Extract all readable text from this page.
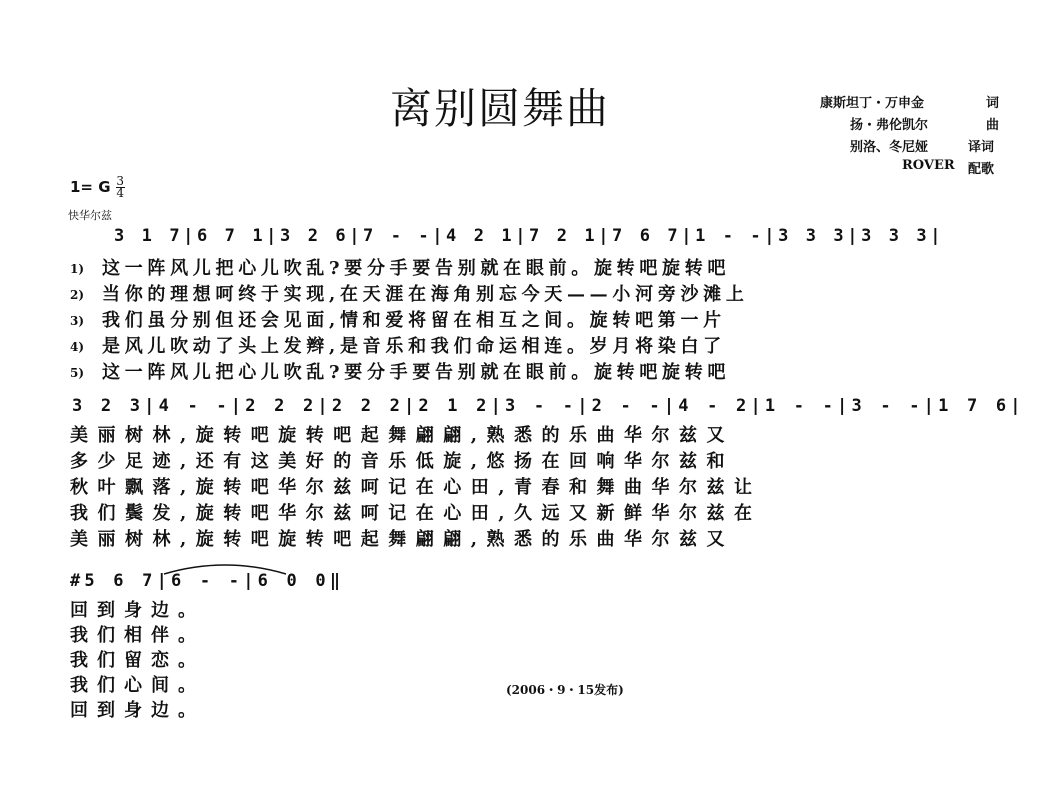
离别圆舞曲	康斯坦丁・万申金	词
扬・弗伦凯尔	曲
别洛、冬尼娅	译词
ROVER 配歌
1= G $\frac{3}{4}$
快华尔兹
3 1 7|6 7 1|3 2 6|7 - -|4 2 1|7 2 1|7 6 7|1 - -|3 3 3|3 3 3|
1)
2)
3)
4)
5)
这一阵风儿把心儿吹乱?要分手要告别就在眼前。旋转吧旋转吧
当你的理想呵终于实现,在天涯在海角别忘今天——小河旁沙滩上
我们虽分别但还会见面,情和爱将留在相互之间。旋转吧第一片
是风儿吹动了头上发辫,是音乐和我们命运相连。岁月将染白了
这一阵风儿把心儿吹乱?要分手要告别就在眼前。旋转吧旋转吧
3 2 3|4 - -|2 2 2|2 2 2|2 1 2|3 - -|2 - -|4 - 2|1 - -|3 - -|1 7 6|
美丽树林,旋转吧旋转吧起舞翩翩,熟悉的乐曲华尔兹又
多少足迹,还有这美好的音乐低旋,悠扬在回响华尔兹和
秋叶飘落,旋转吧华尔兹呵记在心田,青春和舞曲华尔兹让
我们鬓发,旋转吧华尔兹呵记在心田,久远又新鲜华尔兹在
美丽树林,旋转吧旋转吧起舞翩翩,熟悉的乐曲华尔兹又
#5 6 7|6 - -|6 0 0‖
回到身边。
我们相伴。
我们留恋。
我们心间。
回到身边。
(2006・9・15发布)
